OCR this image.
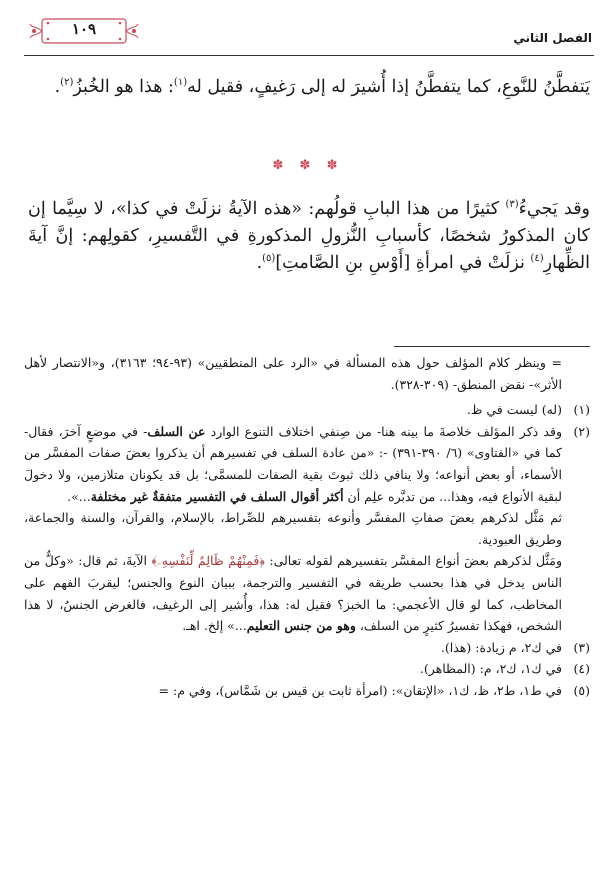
الفصل الثاني
١٠٩

يَتفطَّنُ للنَّوعِ، كما يتفطَّنُ إذا أُشيرَ له إلى رَغيفٍ، فقيل له$^{(١)}$: هذا هو الخُبزُ$^{(٢)}$.

✽ ✽ ✽

وقد يَجيءُ$^{(٣)}$ كثيرًا من هذا البابِ قولُهم: «هذه الآيةُ نزلَتْ في كذا»، لا سِيَّما إن كان المذكورُ شخصًا، كأسبابِ النُّزولِ المذكورةِ في التَّفسيرِ، كقولِهم: إنَّ آيةَ الظِّهارِ$^{(٤)}$ نزلَتْ في امرأةِ [أَوْسِ بنِ الصَّامتِ]$^{(٥)}$.

= وينظر كلام المؤلف حول هذه المسألة في «الرد على المنطقيين» (٩٣-٩٤؛ ٣١٦٣)، و«الانتصار لأهل الأثر»- نقض المنطق- (٣٠٩-٣٢٨).
(١)
(له) ليست في ظ.
(٢)
وقد ذكر المؤلف خلاصةَ ما بينه هنا- من صِنفي اختلاف التنوع الوارد عن السلف- في موضعٍ آخرَ، فقال- كما في «الفتاوى» (٦/ ٣٩٠-٣٩١) -: «من عادة السلف في تفسيرهم أن يذكروا بعضَ صفات المفسَّر من الأسماء، أو بعض أنواعه؛ ولا ينافي ذلك ثبوتَ بقية الصفات للمسمَّى؛ بل قد يكونان متلازمين، ولا دخولَ لبقية الأنواع فيه، وهذا... من تدبَّره علِم أن أكثر أقوال السلف في التفسير متفقةٌ غير مختلفة...».
ثم مَثَّل لذكرهم بعضَ صفاتِ المفسَّر وأنوعه بتفسيرهم للصِّراط، بالإسلام، والقرآن، والسنة والجماعة، وطريق العبودية.
ومَثَّل لذكرهم بعضَ أنواع المفسَّر بتفسيرهم لقوله تعالى: ﴿فَمِنْهُمْ ظَالِمٌ لِّنَفْسِهِۦ﴾ الآيةَ، ثم قال: «وكلٌّ من الناس يدخل في هذا بحسب طريقه في التفسير والترجمة، ببيان النوع والجنس؛ ليقربَ الفهم على المخاطب، كما لو قال الأعجمي: ما الخبز؟ فقيل له: هذا، وأُشير إلى الرغيف، فالغرض الجنسُ، لا هذا الشخص، فهكذا تفسيرُ كثيرٍ من السلف، وهو من جنس التعليم...» إلخ. اهـ.
(٣)
في ك٢، م زيادة: (هذا).
(٤)
في ك١، ك٢، م: (المظاهر).
(٥)
في ط١، ط٢، ظ، ك١، «الإتقان»: (امرأة ثابت بن قيس بن شَمَّاس)، وفي م: =
